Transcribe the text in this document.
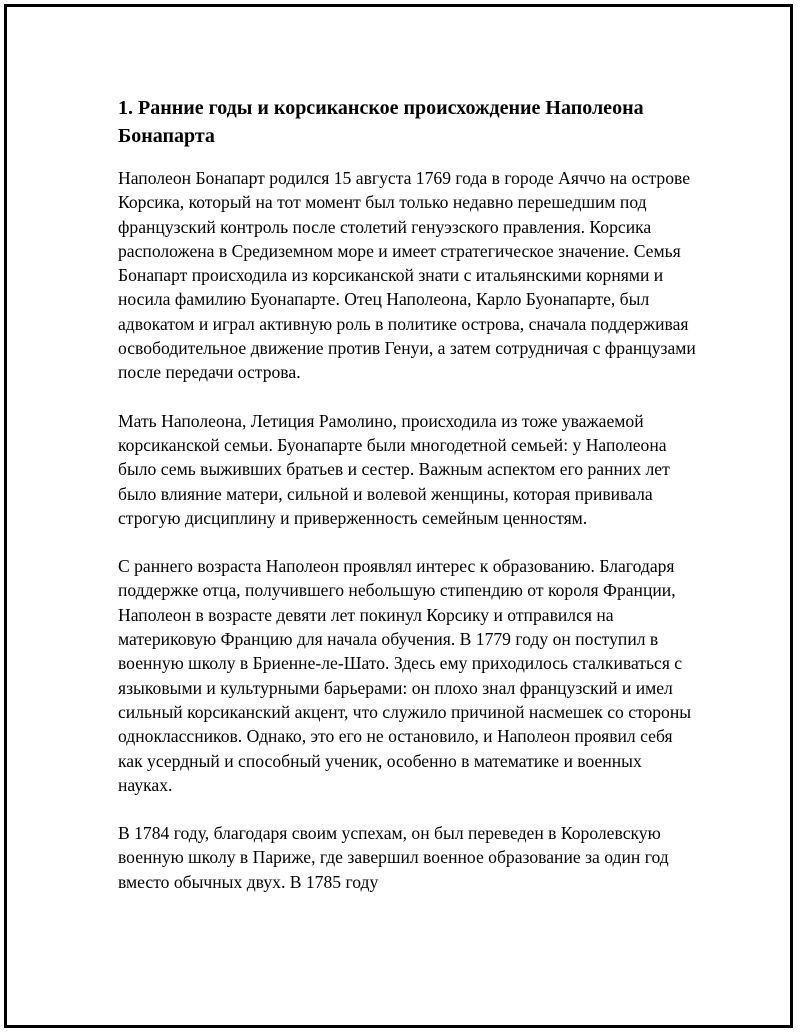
1. Ранние годы и корсиканское происхождение Наполеона Бонапарта

Наполеон Бонапарт родился 15 августа 1769 года в городе Аяччо на острове Корсика, который на тот момент был только недавно перешедшим под французский контроль после столетий генуэзского правления. Корсика расположена в Средиземном море и имеет стратегическое значение. Семья Бонапарт происходила из корсиканской знати с итальянскими корнями и носила фамилию Буонапарте. Отец Наполеона, Карло Буонапарте, был адвокатом и играл активную роль в политике острова, сначала поддерживая освободительное движение против Генуи, а затем сотрудничая с французами после передачи острова.

Мать Наполеона, Летиция Рамолино, происходила из тоже уважаемой корсиканской семьи. Буонапарте были многодетной семьей: у Наполеона было семь выживших братьев и сестер. Важным аспектом его ранних лет было влияние матери, сильной и волевой женщины, которая прививала строгую дисциплину и приверженность семейным ценностям.

С раннего возраста Наполеон проявлял интерес к образованию. Благодаря поддержке отца, получившего небольшую стипендию от короля Франции, Наполеон в возрасте девяти лет покинул Корсику и отправился на материковую Францию для начала обучения. В 1779 году он поступил в военную школу в Бриенне-ле-Шато. Здесь ему приходилось сталкиваться с языковыми и культурными барьерами: он плохо знал французский и имел сильный корсиканский акцент, что служило причиной насмешек со стороны одноклассников. Однако, это его не остановило, и Наполеон проявил себя как усердный и способный ученик, особенно в математике и военных науках.

В 1784 году, благодаря своим успехам, он был переведен в Королевскую военную школу в Париже, где завершил военное образование за один год вместо обычных двух. В 1785 году
